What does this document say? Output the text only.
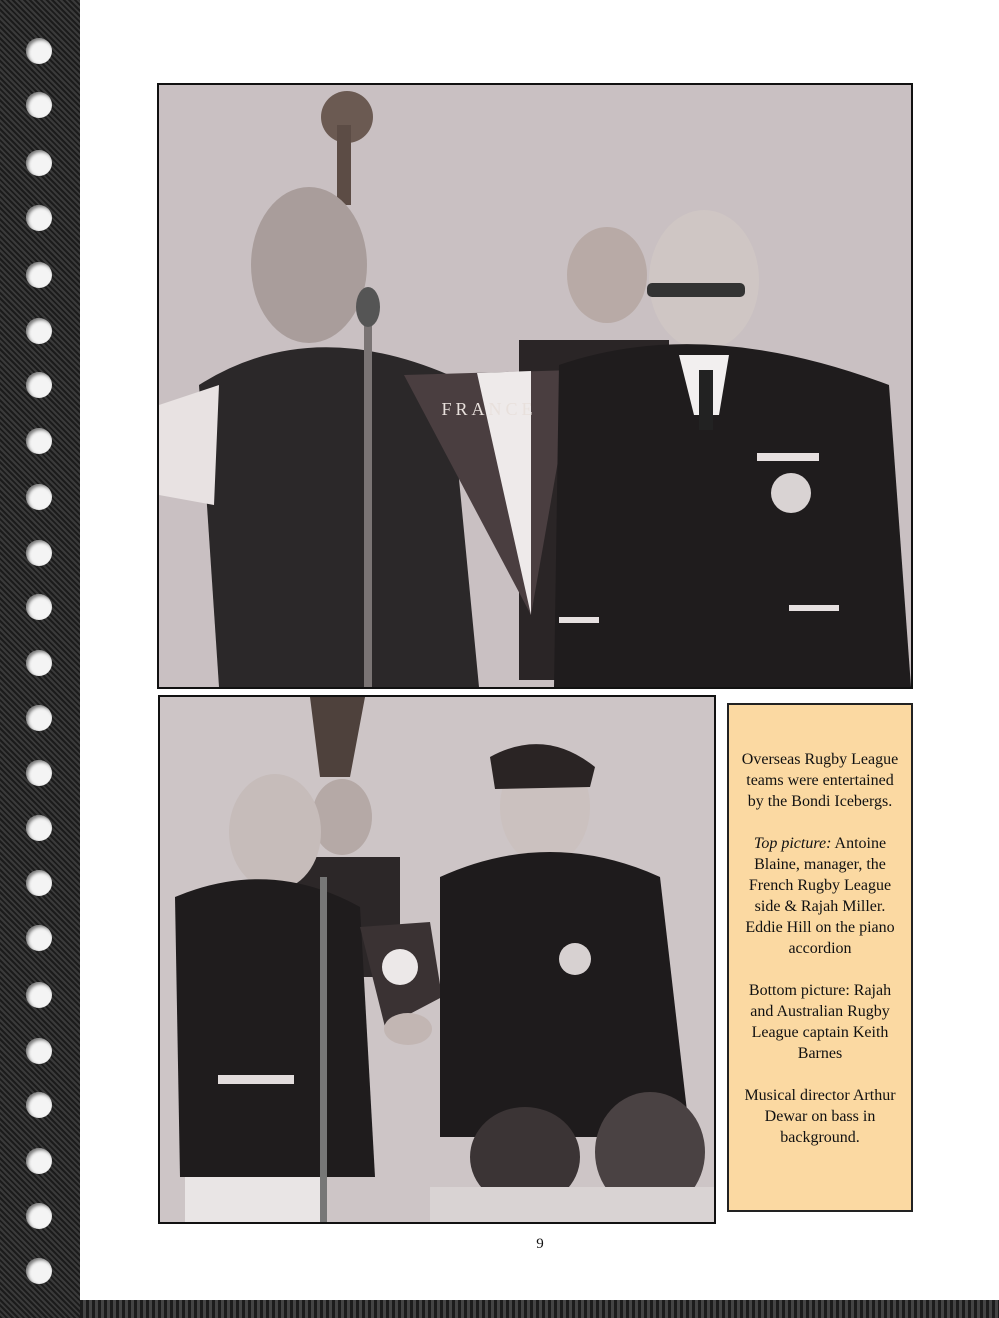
FRANCE

Overseas Rugby League teams were entertained by the Bondi Icebergs.

Top picture: Antoine Blaine, manager, the French Rugby League side & Rajah Miller. Eddie Hill on the piano accordion

Bottom picture: Rajah and Australian Rugby League captain Keith Barnes

Musical director Arthur Dewar on bass in background.

9
